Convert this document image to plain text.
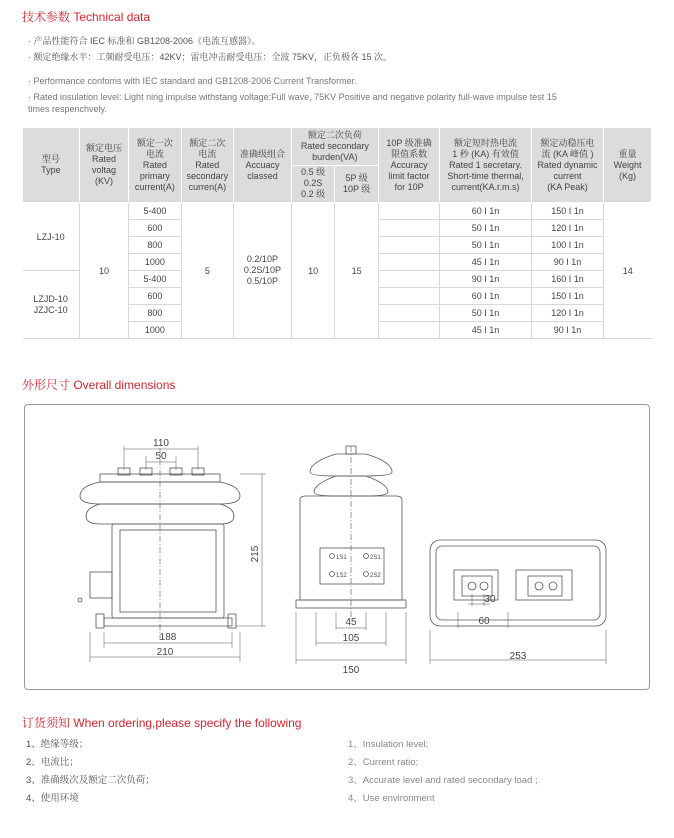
技术参数 Technical data
· 产品性能符合 IEC 标准和 GB1208-2006《电流互感器》。
· 额定绝缘水平：工频耐受电压：42KV；雷电冲击耐受电压：全波 75KV，正负极各 15 次。
· Performance confoms with IEC standard and GB1208-2006 Current Transformer.
· Rated insulation level: Light ning impulse withstang voltage:Full wave, 75KV Positive and negative polarity full-wave impulse test 15
times respenchvely.
型号
Type	额定电压
Rated
voltag
(KV)	额定一次
电流
Rated
primary
current(A)	额定二次
电流
Rated
secondary
curren(A)	准确级组合
Accuacy
classed	额定二次负荷
Rated secondary
burden(VA)		10P 级准确
限值系数
Accuracy
limit factor
for 10P	额定短时热电流
1 秒 (KA) 有效值
Rated 1 secretary.
Short-time thermal,
current(KA.r.m.s)	额定动稳压电
流 (KA 峰值 )
Rated dynamic
current
(KA Peak)	重量
Weight
(Kg)
					0.5 级
0.2S
0.2 级	5P 级
10P 级				
LZJ-10	10	5-400	5	0.2/10P
0.2S/10P
0.5/10P	10	15		60 I 1n	150 I 1n	14
		600						50 I 1n	120 I 1n	
		800						50 I 1n	100 I 1n	
		1000						45 I 1n	90 I 1n	
LZJD-10
JZJC-10		5-400						90 I 1n	160 I 1n	
		600						60 I 1n	150 I 1n	
		800						50 I 1n	120 I 1n	
		1000						45 I 1n	90 I 1n	
外形尺寸 Overall dimensions
110
50
215
188
210
1S1
1S2
2S1
2S2
45
105
150
30
60
253
订货须知 When ordering,please specify the following
1、绝缘等级；
2、电流比；
3、准确级次及额定二次负荷；
4、使用环境
1、Insulation level;
2、Current ratio;
3、Accurate level and rated secondary load ;
4、Use environment
